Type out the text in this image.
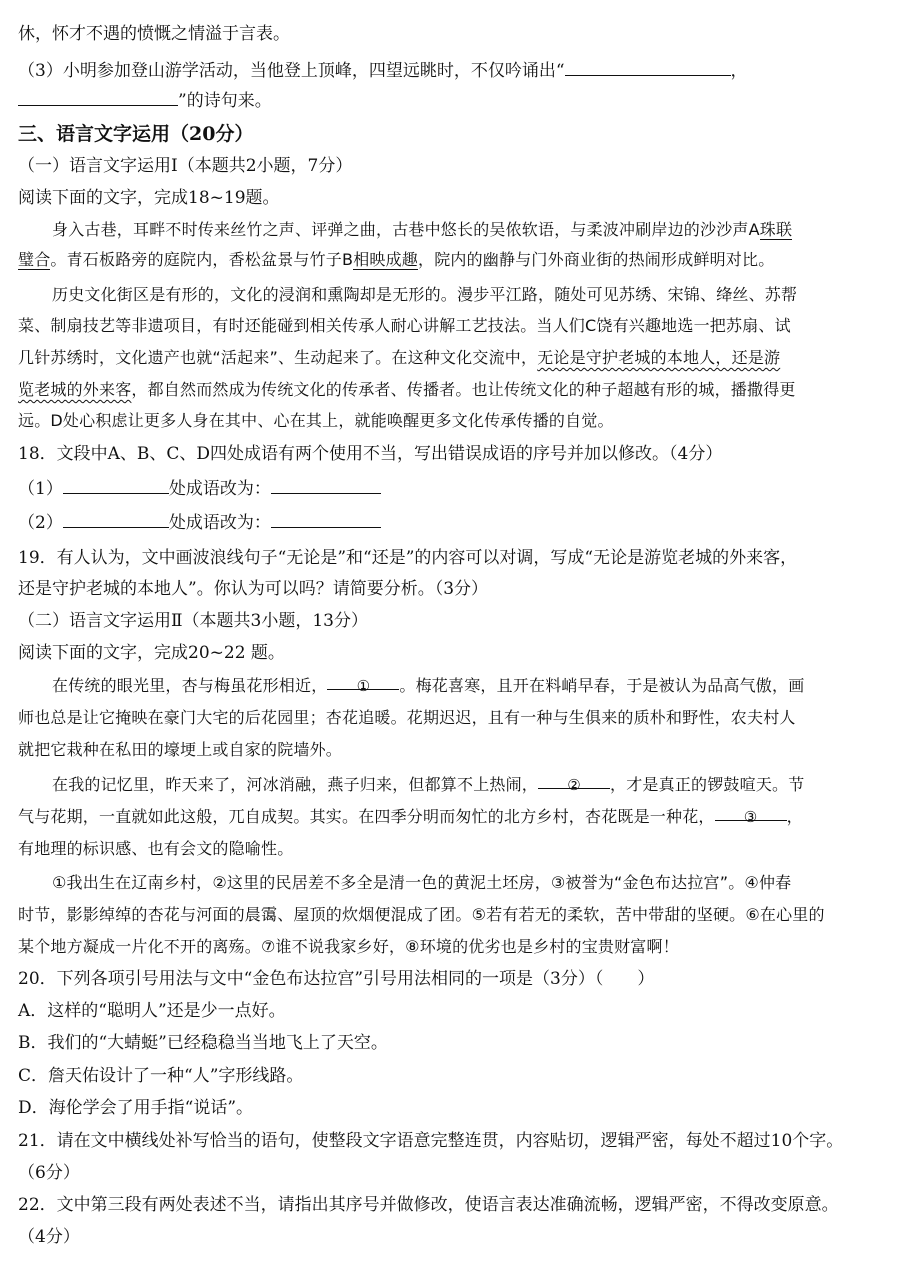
休，怀才不遇的愤慨之情溢于言表。
（3）小明参加登山游学活动，当他登上顶峰，四望远眺时，不仅吟诵出“	，
”的诗句来。
三、语言文字运用（20分）
（一）语言文字运用Ⅰ（本题共2小题，7分）
阅读下面的文字，完成18~19题。
身入古巷，耳畔不时传来丝竹之声、评弹之曲，古巷中悠长的吴侬软语，与柔波冲刷岸边的沙沙声A珠联
璧合。青石板路旁的庭院内，香松盆景与竹子B相映成趣，院内的幽静与门外商业街的热闹形成鲜明对比。
历史文化街区是有形的，文化的浸润和熏陶却是无形的。漫步平江路，随处可见苏绣、宋锦、绛丝、苏帮
菜、制扇技艺等非遗项目，有时还能碰到相关传承人耐心讲解工艺技法。当人们C饶有兴趣地选一把苏扇、试
几针苏绣时，文化遗产也就“活起来”、生动起来了。在这种文化交流中，无论是守护老城的本地人，还是游
览老城的外来客，都自然而然成为传统文化的传承者、传播者。也让传统文化的种子超越有形的城，播撒得更
远。D处心积虑让更多人身在其中、心在其上，就能唤醒更多文化传承传播的自觉。
18．文段中A、B、C、D四处成语有两个使用不当，写出错误成语的序号并加以修改。（4分）
（1）	处成语改为：
（2）	处成语改为：
19．有人认为，文中画波浪线句子“无论是”和“还是”的内容可以对调，写成“无论是游览老城的外来客，
还是守护老城的本地人”。你认为可以吗？请简要分析。（3分）
（二）语言文字运用Ⅱ（本题共3小题，13分）
阅读下面的文字，完成20~22 题。
在传统的眼光里，杏与梅虽花形相近， ① 。梅花喜寒，且开在料峭早春，于是被认为品高气傲，画
师也总是让它掩映在豪门大宅的后花园里；杏花追暖。花期迟迟，且有一种与生俱来的质朴和野性，农夫村人
就把它栽种在私田的壕埂上或自家的院墙外。
在我的记忆里，昨天来了，河冰消融，燕子归来，但都算不上热闹， ② ，才是真正的锣鼓喧天。节
气与花期，一直就如此这般，兀自成契。其实。在四季分明而匆忙的北方乡村，杏花既是一种花， ③ ，
有地理的标识感、也有会文的隐喻性。
①我出生在辽南乡村，②这里的民居差不多全是清一色的黄泥土坯房，③被誉为“金色布达拉宫”。④仲春
时节，影影绰绰的杏花与河面的晨霭、屋顶的炊烟便混成了团。⑤若有若无的柔软，苦中带甜的坚硬。⑥在心里的
某个地方凝成一片化不开的离殇。⑦谁不说我家乡好，⑧环境的优劣也是乡村的宝贵财富啊！
20．下列各项引号用法与文中“金色布达拉宫”引号用法相同的一项是（3分）（　　）
A．这样的“聪明人”还是少一点好。
B．我们的“大蜻蜓”已经稳稳当当地飞上了天空。
C．詹天佑设计了一种“人”字形线路。
D．海伦学会了用手指“说话”。
21．请在文中横线处补写恰当的语句，使整段文字语意完整连贯，内容贴切，逻辑严密，每处不超过10个字。
（6分）
22．文中第三段有两处表述不当，请指出其序号并做修改，使语言表达准确流畅，逻辑严密，不得改变原意。
（4分）
